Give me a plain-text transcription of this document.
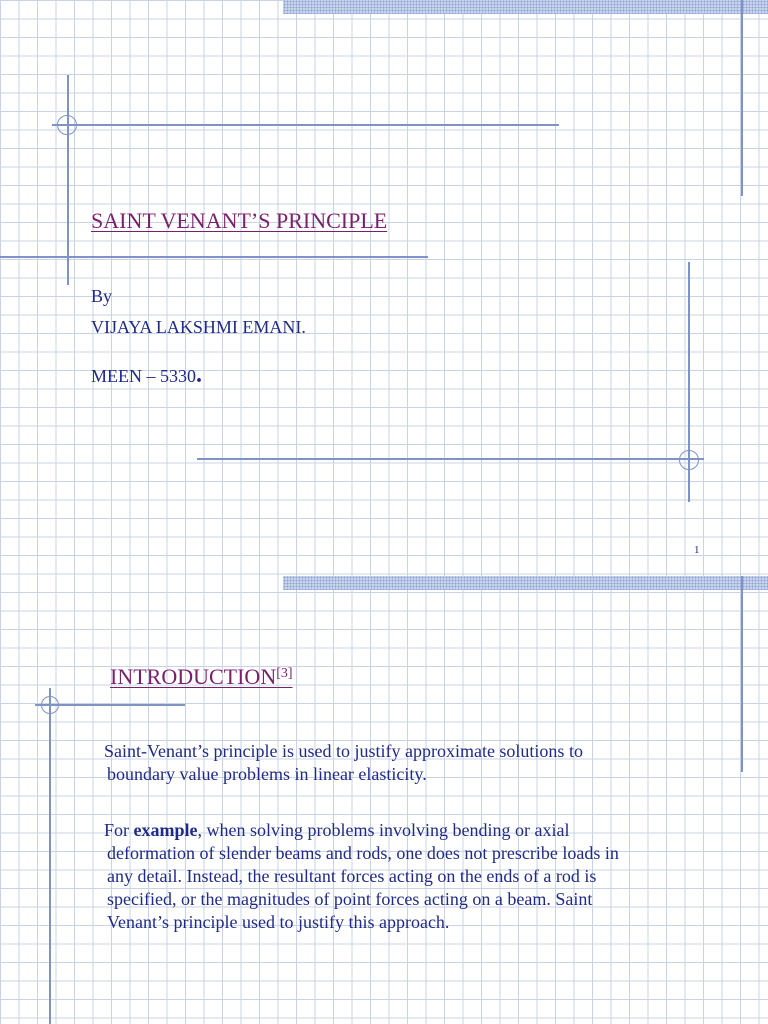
SAINT VENANT’S PRINCIPLE
By
VIJAYA LAKSHMI EMANI.
MEEN – 5330.
1
INTRODUCTION[3]
Saint-Venant’s principle is used to justify approximate solutions to
boundary value problems in linear elasticity.
For example, when solving problems involving bending or axial
deformation of slender beams and rods, one does not prescribe loads in
any detail. Instead, the resultant forces acting on the ends of a rod is
specified, or the magnitudes of point forces acting on a beam. Saint
Venant’s principle used to justify this approach.
